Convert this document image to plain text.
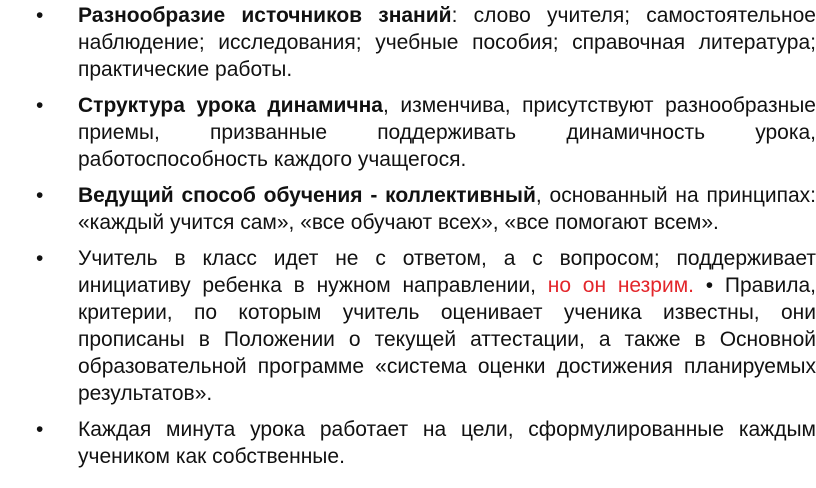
• Разнообразие источников знаний: слово учителя; самостоятельное наблюдение; исследования; учебные пособия; справочная литература; практические работы.
• Структура урока динамична, изменчива, присутствуют разнообразные приемы, призванные поддерживать динамичность урока, работоспособность каждого учащегося.
• Ведущий способ обучения - коллективный, основанный на принципах: «каждый учится сам», «все обучают всех», «все помогают всем».
• Учитель в класс идет не с ответом, а с вопросом; поддерживает инициативу ребенка в нужном направлении, но он незрим. • Правила, критерии, по которым учитель оценивает ученика известны, они прописаны в Положении о текущей аттестации, а также в Основной образовательной программе «система оценки достижения планируемых результатов».
• Каждая минута урока работает на цели, сформулированные каждым учеником как собственные.
